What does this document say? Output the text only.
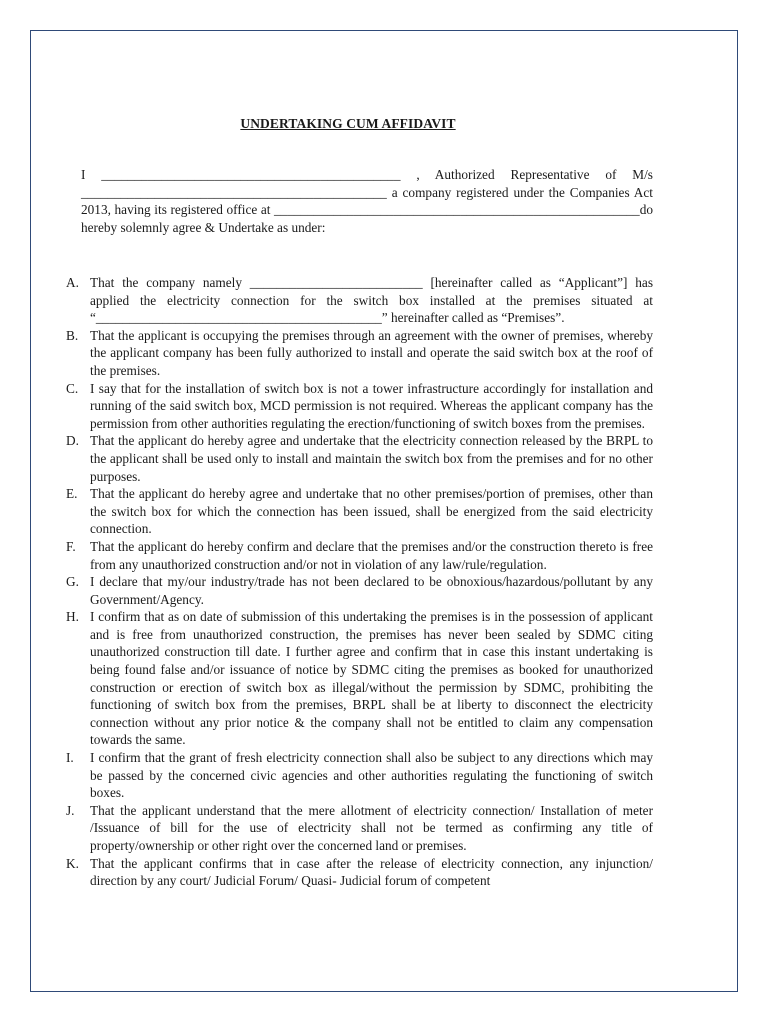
UNDERTAKING CUM AFFIDAVIT
I _____________________________________________ , Authorized Representative of M/s ______________________________________________ a company registered under the Companies Act 2013, having its registered office at _______________________________________________________do hereby solemnly agree & Undertake as under:
A. That the company namely __________________________ [hereinafter called as “Applicant”] has applied the electricity connection for the switch box installed at the premises situated at “___________________________________________” hereinafter called as “Premises”.
B. That the applicant is occupying the premises through an agreement with the owner of premises, whereby the applicant company has been fully authorized to install and operate the said switch box at the roof of the premises.
C. I say that for the installation of switch box is not a tower infrastructure accordingly for installation and running of the said switch box, MCD permission is not required. Whereas the applicant company has the permission from other authorities regulating the erection/functioning of switch boxes from the premises.
D. That the applicant do hereby agree and undertake that the electricity connection released by the BRPL to the applicant shall be used only to install and maintain the switch box from the premises and for no other purposes.
E. That the applicant do hereby agree and undertake that no other premises/portion of premises, other than the switch box for which the connection has been issued, shall be energized from the said electricity connection.
F.	That the applicant do hereby confirm and declare that the premises and/or the construction thereto is free from any unauthorized construction and/or not in violation of any law/rule/regulation.
G. I declare that my/our industry/trade has not been declared to be obnoxious/hazardous/pollutant by any Government/Agency.
H. I confirm that as on date of submission of this undertaking the premises is in the possession of applicant and is free from unauthorized construction, the premises has never been sealed by SDMC citing unauthorized construction till date. I further agree and confirm that in case this instant undertaking is being found false and/or issuance of notice by SDMC citing the premises as booked for unauthorized construction or erection of switch box as illegal/without the permission by SDMC, prohibiting the functioning of switch box from the premises, BRPL shall be at liberty to disconnect the electricity connection without any prior notice & the company shall not be entitled to claim any compensation towards the same.
I.	I confirm that the grant of fresh electricity connection shall also be subject to any directions which may be passed by the concerned civic agencies and other authorities regulating the functioning of switch boxes.
J.	That the applicant understand that the mere allotment of electricity connection/ Installation of meter /Issuance of bill for the use of electricity shall not be termed as confirming any title of property/ownership or other right over the concerned land or premises.
K. That the applicant confirms that in case after the release of electricity connection, any injunction/ direction by any court/ Judicial Forum/ Quasi- Judicial forum of competent
